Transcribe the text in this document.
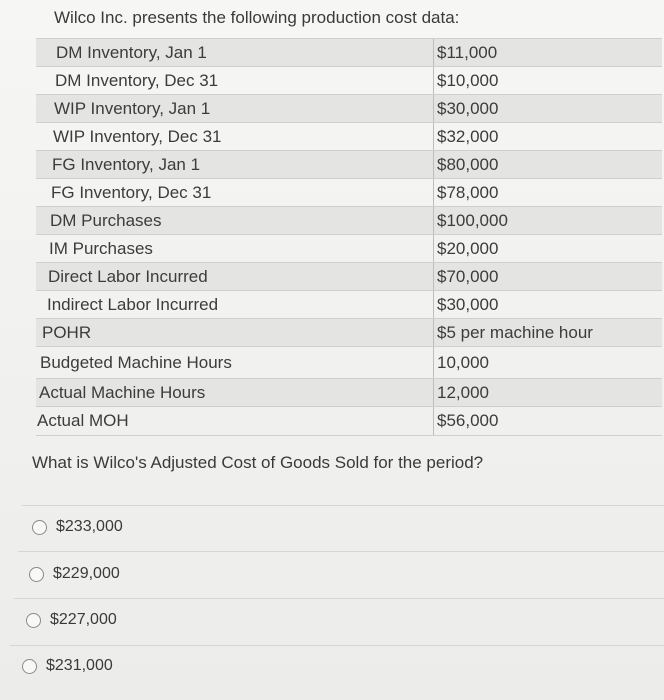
Wilco Inc. presents the following production cost data:
DM Inventory, Jan 1	$11,000
DM Inventory, Dec 31	$10,000
WIP Inventory, Jan 1	$30,000
WIP Inventory, Dec 31	$32,000
FG Inventory, Jan 1	$80,000
FG Inventory, Dec 31	$78,000
DM Purchases	$100,000
IM Purchases	$20,000
Direct Labor Incurred	$70,000
Indirect Labor Incurred	$30,000
POHR	$5 per machine hour
Budgeted Machine Hours	10,000
Actual Machine Hours	12,000
Actual MOH	$56,000
What is Wilco's Adjusted Cost of Goods Sold for the period?
$233,000
$229,000
$227,000
$231,000
